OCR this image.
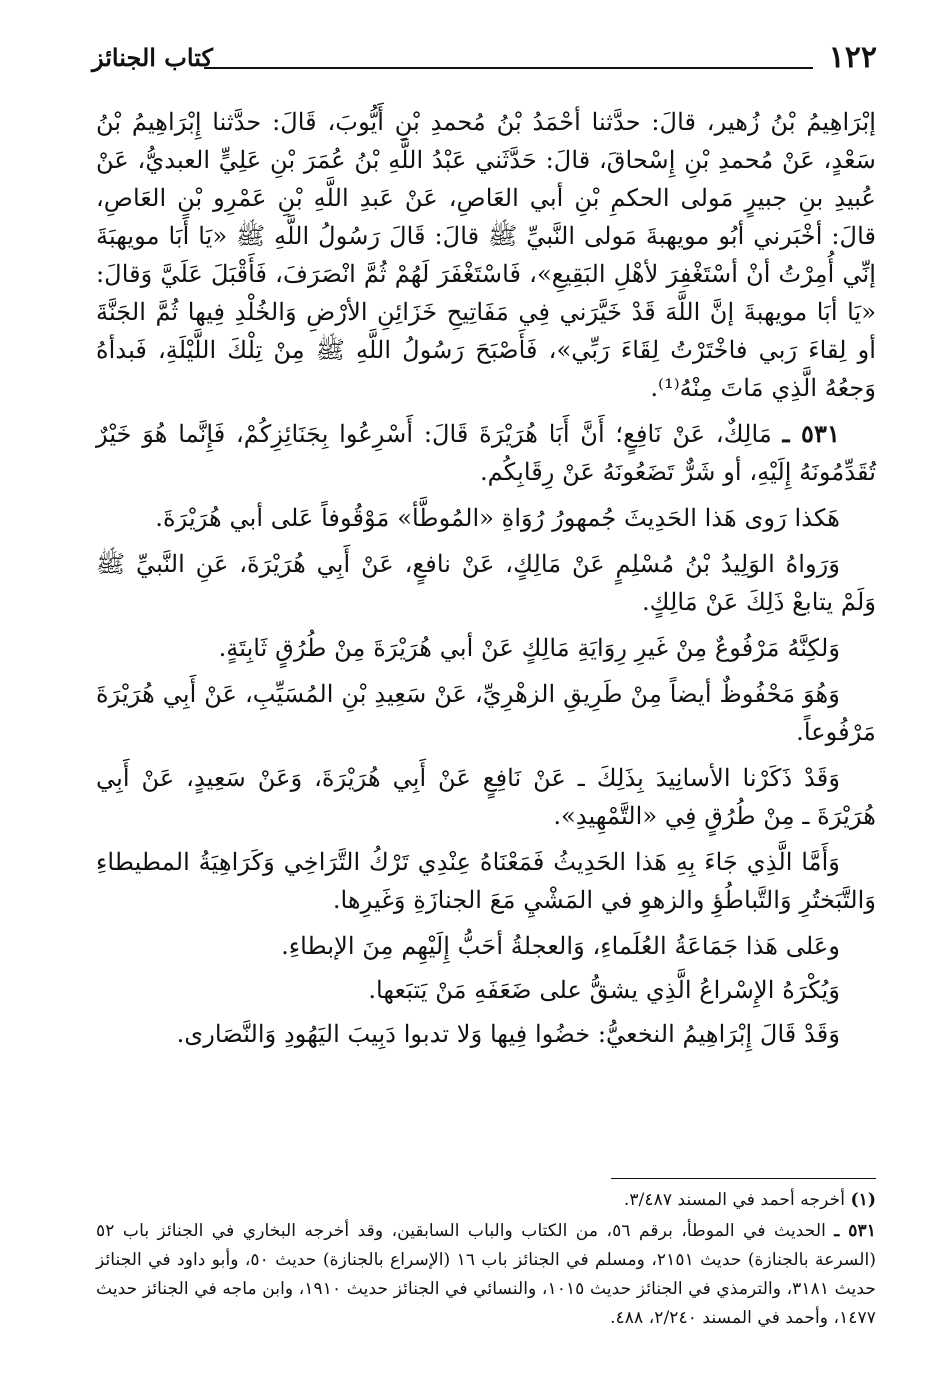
١٢٢
كتاب الجنائز

إبْرَاهِيمُ بْنُ زُهير، قالَ: حدَّثنا أحْمَدُ بْنُ مُحمدِ بْنِ أَيُّوبَ، قَالَ: حدَّثنا إِبْرَاهِيمُ بْنُ سَعْدٍ، عَنْ مُحمدِ بْنِ إِسْحاقَ، قالَ: حَدَّثَني عَبْدُ اللَّهِ بْنُ عُمَرَ بْنِ عَلِيٍّ العبديُّ، عَنْ عُبيدِ بنِ جبيرٍ مَولى الحكمِ بْنِ أبي العَاصِ، عَنْ عَبدِ اللَّهِ بْنِ عَمْرِو بْنِ العَاصِ، قالَ: أخْبَرني أبُو مويهبةَ مَولى النَّبيِّ ﷺ قالَ: قَالَ رَسُولُ اللَّهِ ﷺ «يَا أَبَا مويهبَةَ إنِّي أُمِرْتُ أنْ أسْتَغْفِرَ لأهْلِ البَقِيعِ»، فَاسْتَغْفَرَ لَهُمْ ثُمَّ انْصَرَفَ، فَأَقْبَلَ عَلَيَّ وَقالَ: «يَا أبَا مويهبةَ إنَّ اللَّهَ قَدْ خَيَّرَني فِي مَفَاتِيحِ خَزَائِنِ الأرْضِ وَالخُلْدِ فِيها ثُمَّ الجَنَّةَ أو لِقاءَ رَبي فاخْتَرْتُ لِقَاءَ رَبِّي»، فَأَصْبَحَ رَسُولُ اللَّهِ ﷺ مِنْ تِلْكَ اللَّيْلَةِ، فَبدأهُ وَجعُهُ الَّذِي مَاتَ مِنْهُ⁽¹⁾.

٥٣١ ـ مَالِكٌ، عَنْ نَافِعٍ؛ أَنَّ أَبَا هُرَيْرَةَ قَالَ: أَسْرِعُوا بِجَنَائِزِكُمْ، فَإِنَّما هُوَ خَيْرٌ تُقَدِّمُونَهُ إِلَيْهِ، أو شَرٌّ تَضَعُونَهُ عَنْ رِقَابِكُم.

هَكذا رَوى هَذا الحَدِيثَ جُمهورُ رُوَاةِ «المُوطَّأ» مَوْقُوفاً عَلى أبي هُرَيْرَةَ.

وَرَواهُ الوَلِيدُ بْنُ مُسْلِمٍ عَنْ مَالِكٍ، عَنْ نافعٍ، عَنْ أَبِي هُرَيْرَةَ، عَنِ النَّبيِّ ﷺ وَلَمْ يتابعْ ذَلِكَ عَنْ مَالِكٍ.

وَلكِنَّهُ مَرْفُوعٌ مِنْ غَيرِ رِوَايَةِ مَالِكٍ عَنْ أبي هُرَيْرَةَ مِنْ طُرُقٍ ثَابِتَةٍ.

وَهُوَ مَحْفُوظٌ أيضاً مِنْ طَرِيقِ الزهْرِيِّ، عَنْ سَعِيدِ بْنِ المُسَيِّبِ، عَنْ أَبِي هُرَيْرَةَ مَرْفُوعاً.

وَقَدْ ذَكَرْنا الأسانِيدَ بِذَلِكَ ـ عَنْ نَافِعٍ عَنْ أَبِي هُرَيْرَةَ، وَعَنْ سَعِيدٍ، عَنْ أَبِي هُرَيْرَةَ ـ مِنْ طُرُقٍ فِي «التَّمْهِيدِ».

وَأَمَّا الَّذِي جَاءَ بِهِ هَذا الحَدِيثُ فَمَعْنَاهُ عِنْدِي تَرْكُ التَّرَاخِي وَكَرَاهِيَةُ المطيطاءِ وَالتَّبَختُرِ وَالتَّباطُؤِ والزهوِ في المَشْيِ مَعَ الجنازَةِ وَغَيرِها.

وعَلى هَذا جَمَاعَةُ العُلَماءِ، وَالعجلةُ أحَبُّ إِلَيْهِم مِنَ الإبطاءِ.

وَيُكْرَهُ الإِسْراعُ الَّذِي يشقُّ على ضَعَفَهِ مَنْ يَتبَعها.

وَقَدْ قَالَ إِبْرَاهِيمُ النخعيُّ: خضُوا فِيها وَلا تدبوا دَبِيبَ اليَهُودِ وَالنَّصَارى.

(١) أخرجه أحمد في المسند ٣/٤٨٧.

٥٣١ ـ الحديث في الموطأ، برقم ٥٦، من الكتاب والباب السابقين، وقد أخرجه البخاري في الجنائز باب ٥٢ (السرعة بالجنازة) حديث ٢١٥١، ومسلم في الجنائز باب ١٦ (الإسراع بالجنازة) حديث ٥٠، وأبو داود في الجنائز حديث ٣١٨١، والترمذي في الجنائز حديث ١٠١٥، والنسائي في الجنائز حديث ١٩١٠، وابن ماجه في الجنائز حديث ١٤٧٧، وأحمد في المسند ٢/٢٤٠، ٤٨٨.
